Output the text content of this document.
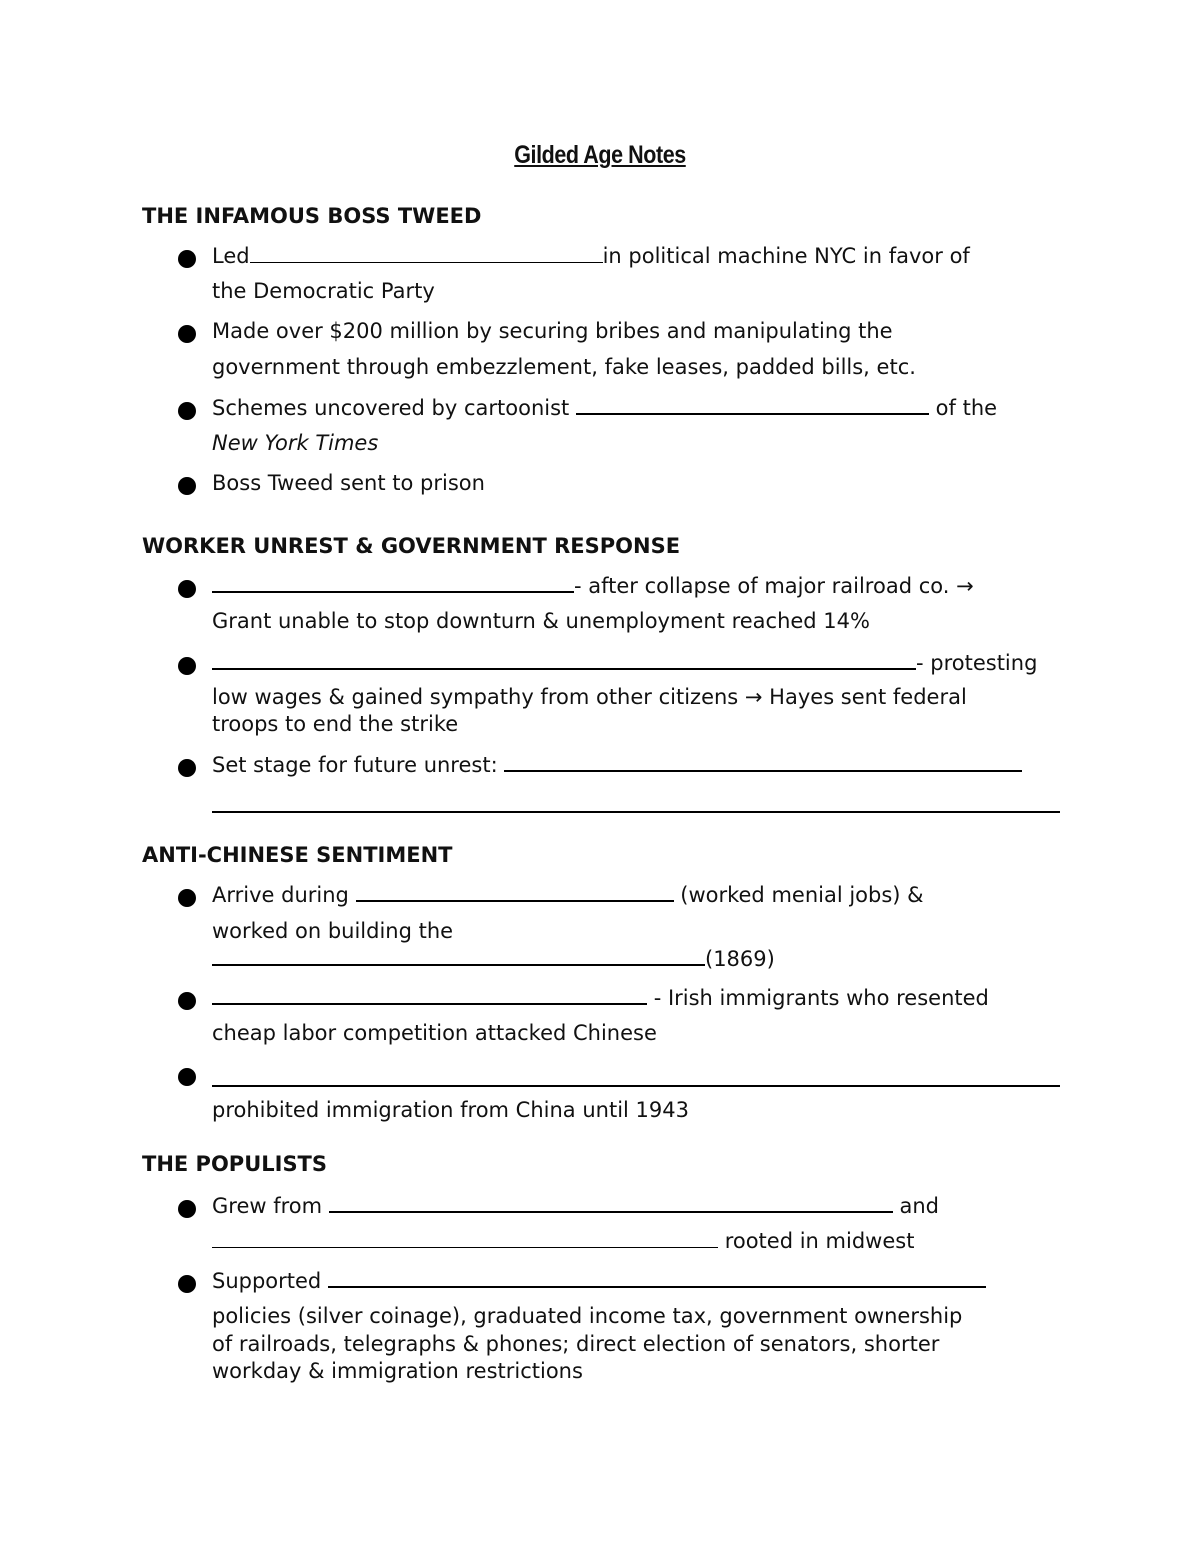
Gilded Age Notes
THE INFAMOUS BOSS TWEED
Led	in political machine NYC in favor of
the Democratic Party
Made over $200 million by securing bribes and manipulating the
government through embezzlement, fake leases, padded bills, etc.
Schemes uncovered by cartoonist	of the
New York Times
Boss Tweed sent to prison
WORKER UNREST & GOVERNMENT RESPONSE
- after collapse of major railroad co. →
Grant unable to stop downturn & unemployment reached 14%
- protesting
low wages & gained sympathy from other citizens → Hayes sent federal
troops to end the strike
Set stage for future unrest:
ANTI-CHINESE SENTIMENT
Arrive during	(worked menial jobs) &
worked on building the
(1869)
- Irish immigrants who resented
cheap labor competition attacked Chinese
prohibited immigration from China until 1943
THE POPULISTS
Grew from	and
rooted in midwest
Supported
policies (silver coinage), graduated income tax, government ownership
of railroads, telegraphs & phones; direct election of senators, shorter
workday & immigration restrictions
